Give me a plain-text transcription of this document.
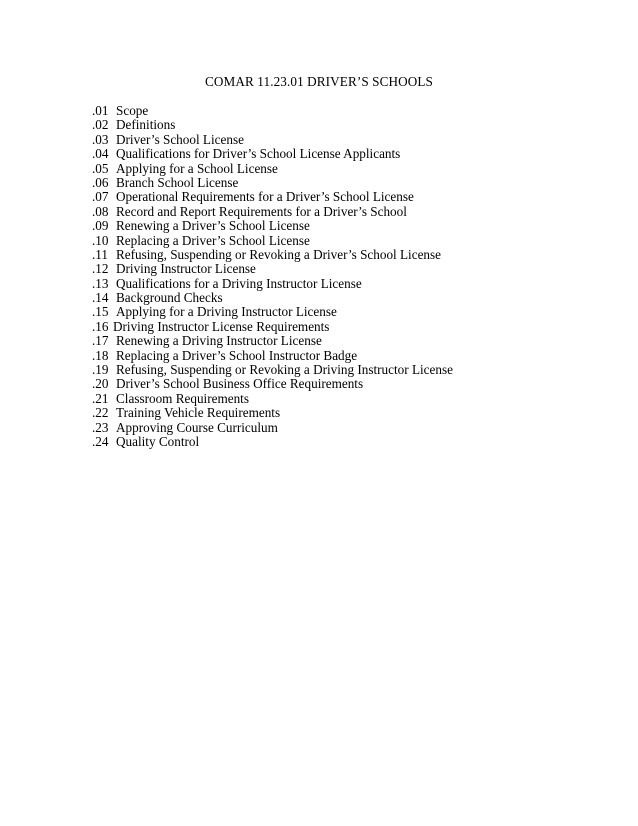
COMAR 11.23.01 DRIVER’S SCHOOLS
.01 Scope
.02 Definitions
.03 Driver’s School License
.04 Qualifications for Driver’s School License Applicants
.05 Applying for a School License
.06 Branch School License
.07 Operational Requirements for a Driver’s School License
.08 Record and Report Requirements for a Driver’s School
.09 Renewing a Driver’s School License
.10 Replacing a Driver’s School License
.11 Refusing, Suspending or Revoking a Driver’s School License
.12 Driving Instructor License
.13 Qualifications for a Driving Instructor License
.14 Background Checks
.15 Applying for a Driving Instructor License
.16 Driving Instructor License Requirements
.17 Renewing a Driving Instructor License
.18 Replacing a Driver’s School Instructor Badge
.19 Refusing, Suspending or Revoking a Driving Instructor License
.20 Driver’s School Business Office Requirements
.21 Classroom Requirements
.22 Training Vehicle Requirements
.23 Approving Course Curriculum
.24 Quality Control
